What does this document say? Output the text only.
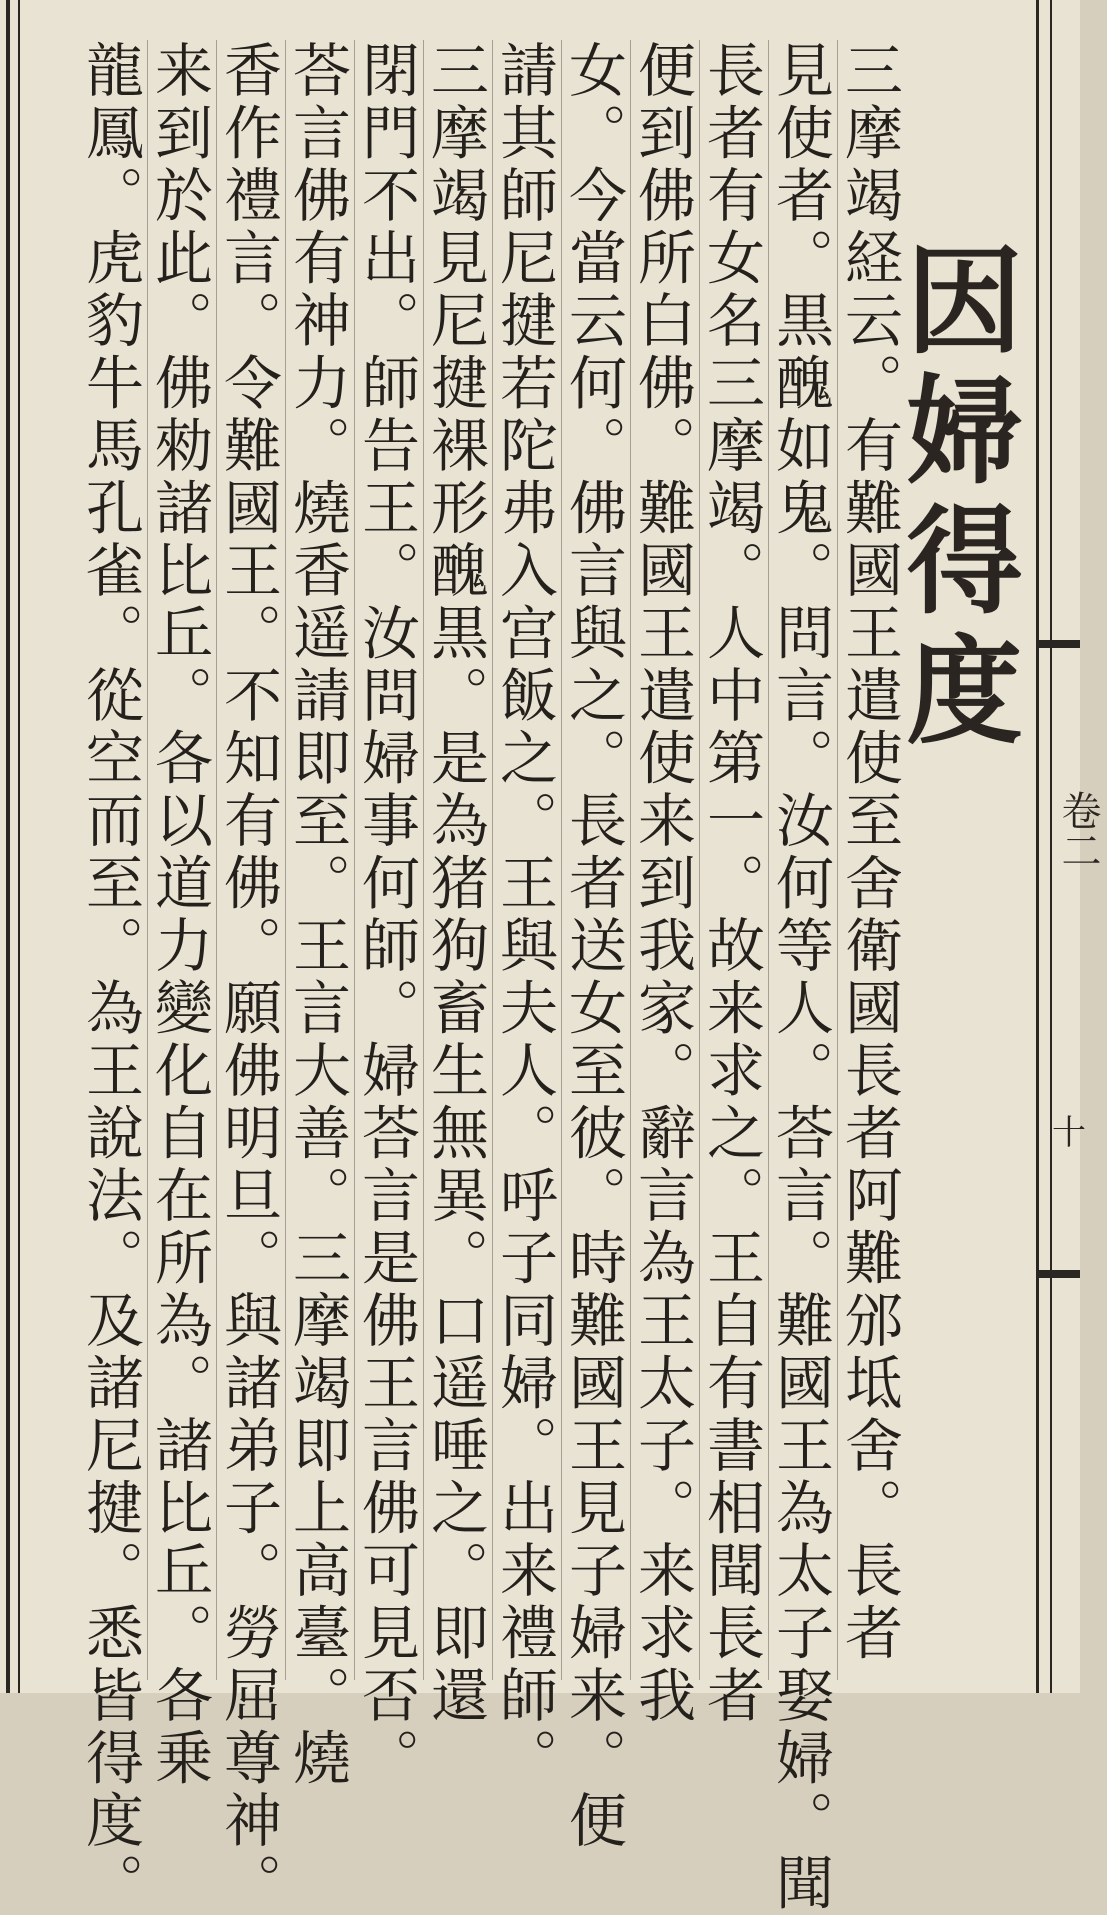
三摩竭経云。有難國王遣使至舍衛國長者阿難邠坻舍。長者
見使者。黒醜如鬼。問言。汝何等人。荅言。難國王為太子娶婦。聞
長者有女名三摩竭。人中第一。故来求之。王自有書相聞長者
便到佛所白佛。難國王遣使来到我家。辭言為王太子。来求我
女。今當云何。佛言與之。長者送女至彼。時難國王見子婦来。便
請其師尼揵若陀弗入宫飯之。王與夫人。呼子同婦。出来禮師。
三摩竭見尼揵裸形醜黒。是為猪狗畜生無異。口遥唾之。即還
閉門不出。師告王。汝問婦事何師。婦荅言是佛王言佛可見否。
荅言佛有神力。燒香遥請即至。王言大善。三摩竭即上高臺。燒
香作禮言。令難國王。不知有佛。願佛明旦。與諸弟子。勞屈尊神。
来到於此。佛勑諸比丘。各以道力變化自在所為。諸比丘。各乗
龍鳳。虎豹牛馬孔雀。從空而至。為王說法。及諸尼揵。悉皆得度。	因婦得度
卷二
十
